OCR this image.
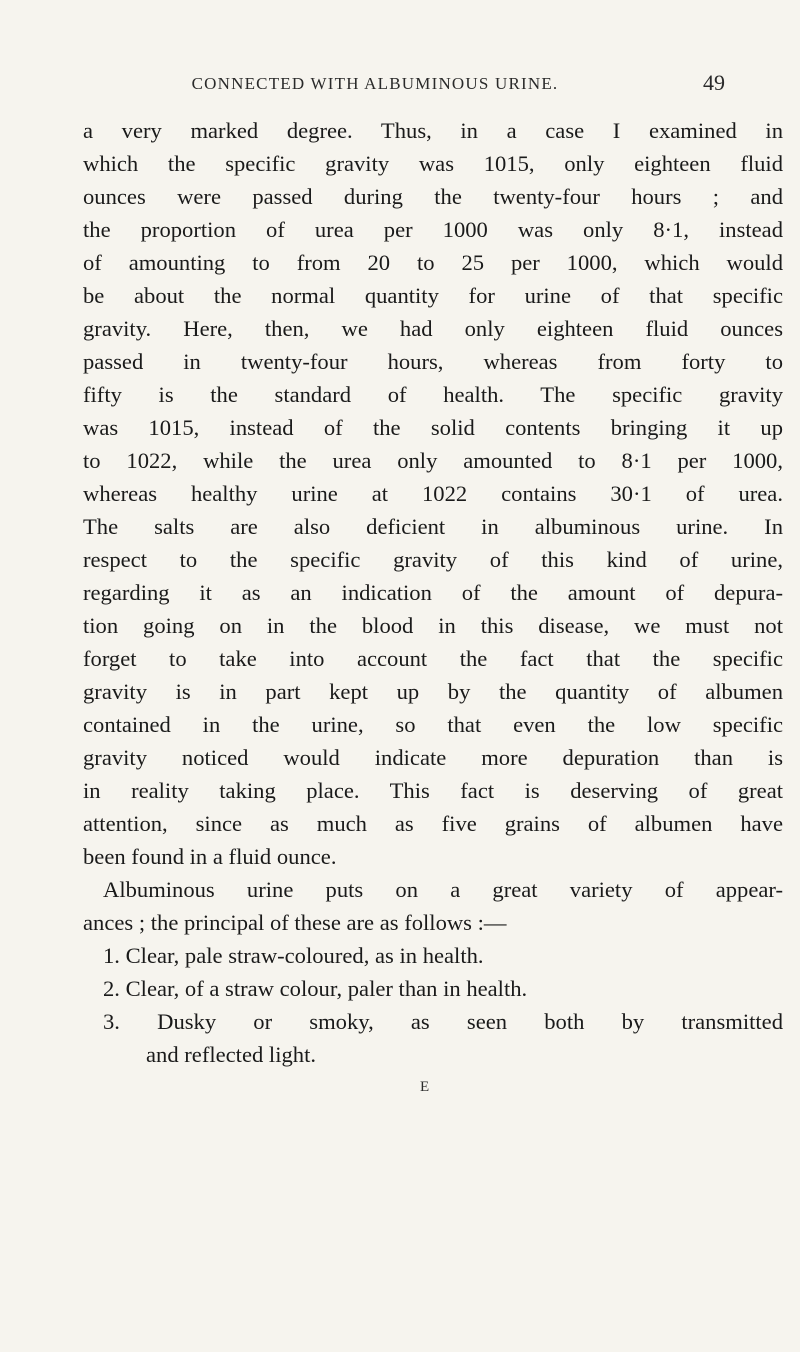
CONNECTED WITH ALBUMINOUS URINE.	49
a very marked degree. Thus, in a case I examined in
which the specific gravity was 1015, only eighteen fluid
ounces were passed during the twenty-four hours ; and
the proportion of urea per 1000 was only 8·1, instead
of amounting to from 20 to 25 per 1000, which would
be about the normal quantity for urine of that specific
gravity. Here, then, we had only eighteen fluid ounces
passed in twenty-four hours, whereas from forty to
fifty is the standard of health. The specific gravity
was 1015, instead of the solid contents bringing it up
to 1022, while the urea only amounted to 8·1 per 1000,
whereas healthy urine at 1022 contains 30·1 of urea.
The salts are also deficient in albuminous urine. In
respect to the specific gravity of this kind of urine,
regarding it as an indication of the amount of depura-
tion going on in the blood in this disease, we must not
forget to take into account the fact that the specific
gravity is in part kept up by the quantity of albumen
contained in the urine, so that even the low specific
gravity noticed would indicate more depuration than is
in reality taking place. This fact is deserving of great
attention, since as much as five grains of albumen have
been found in a fluid ounce.
Albuminous urine puts on a great variety of appear-
ances ; the principal of these are as follows :—
1. Clear, pale straw-coloured, as in health.
2. Clear, of a straw colour, paler than in health.
3. Dusky or smoky, as seen both by transmitted
and reflected light.
E
